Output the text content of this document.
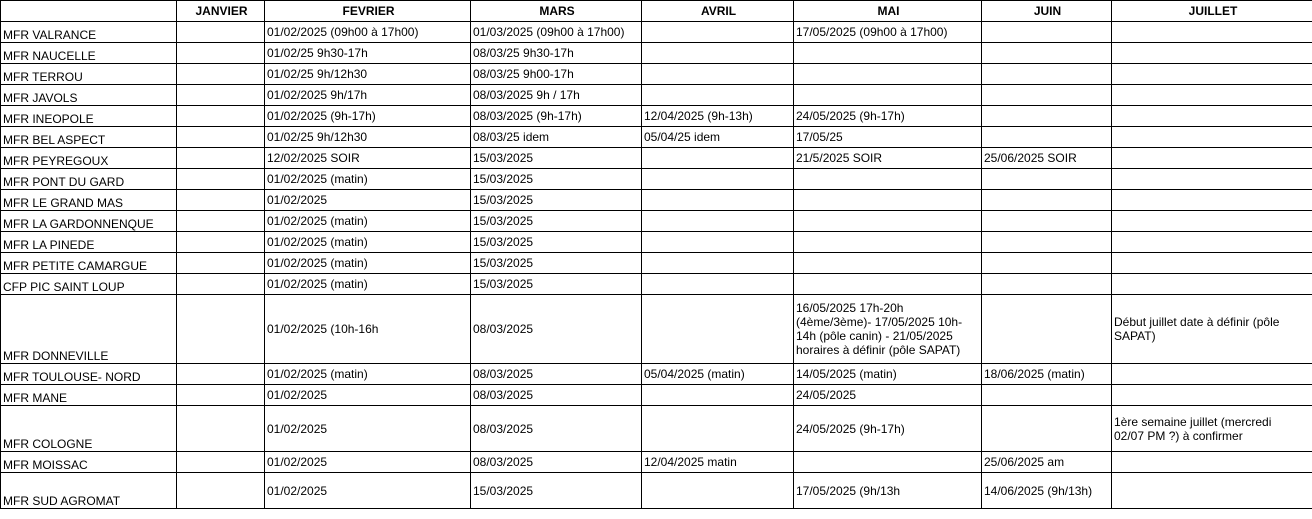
	JANVIER	FEVRIER	MARS	AVRIL	MAI	JUIN	JUILLET
MFR VALRANCE		01/02/2025 (09h00 à 17h00)	01/03/2025 (09h00 à 17h00)		17/05/2025 (09h00 à 17h00)		
MFR NAUCELLE		01/02/25 9h30-17h	08/03/25 9h30-17h				
MFR TERROU		01/02/25 9h/12h30	08/03/25 9h00-17h				
MFR JAVOLS		01/02/2025 9h/17h	08/03/2025 9h / 17h				
MFR INEOPOLE		01/02/2025 (9h-17h)	08/03/2025 (9h-17h)	12/04/2025 (9h-13h)	24/05/2025 (9h-17h)		
MFR BEL ASPECT		01/02/25 9h/12h30	08/03/25 idem	05/04/25 idem	17/05/25		
MFR PEYREGOUX		12/02/2025 SOIR	15/03/2025		21/5/2025 SOIR	25/06/2025 SOIR	
MFR PONT DU GARD		01/02/2025 (matin)	15/03/2025				
MFR LE GRAND MAS		01/02/2025	15/03/2025				
MFR LA GARDONNENQUE		01/02/2025 (matin)	15/03/2025				
MFR LA PINEDE		01/02/2025 (matin)	15/03/2025				
MFR PETITE CAMARGUE		01/02/2025 (matin)	15/03/2025				
CFP PIC SAINT LOUP		01/02/2025 (matin)	15/03/2025				
MFR DONNEVILLE		01/02/2025 (10h-16h	08/03/2025		16/05/2025 17h-20h
(4ème/3ème)- 17/05/2025 10h-
14h (pôle canin) - 21/05/2025
horaires à définir (pôle SAPAT)		Début juillet date à définir (pôle
SAPAT)
MFR TOULOUSE- NORD		01/02/2025 (matin)	08/03/2025	05/04/2025 (matin)	14/05/2025 (matin)	18/06/2025 (matin)	
MFR MANE		01/02/2025	08/03/2025		24/05/2025		
MFR COLOGNE		01/02/2025	08/03/2025		24/05/2025 (9h-17h)		1ère semaine juillet (mercredi
02/07 PM ?) à confirmer
MFR MOISSAC		01/02/2025	08/03/2025	12/04/2025 matin		25/06/2025 am	
MFR SUD AGROMAT		01/02/2025	15/03/2025		17/05/2025 (9h/13h	14/06/2025 (9h/13h)	
